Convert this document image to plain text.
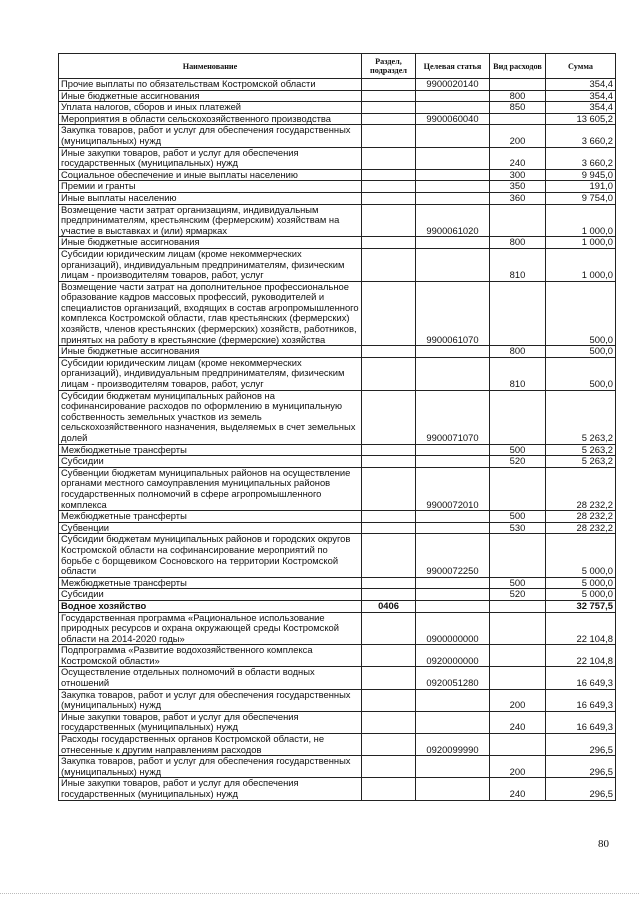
Наименование	Раздел, подраздел	Целевая статья	Вид расходов	Сумма
Прочие выплаты по обязательствам Костромской области		9900020140		354,4
Иные бюджетные ассигнования			800	354,4
Уплата налогов, сборов и иных платежей			850	354,4
Мероприятия в области сельскохозяйственного производства		9900060040		13 605,2
Закупка товаров, работ и услуг для обеспечения государственных (муниципальных) нужд			200	3 660,2
Иные закупки товаров, работ и услуг для обеспечения государственных (муниципальных) нужд			240	3 660,2
Социальное обеспечение и иные выплаты населению			300	9 945,0
Премии и гранты			350	191,0
Иные выплаты населению			360	9 754,0
Возмещение части затрат организациям, индивидуальным предпринимателям, крестьянским (фермерским) хозяйствам на участие в выставках и (или) ярмарках		9900061020		1 000,0
Иные бюджетные ассигнования			800	1 000,0
Субсидии юридическим лицам (кроме некоммерческих организаций), индивидуальным предпринимателям, физическим лицам - производителям товаров, работ, услуг			810	1 000,0
Возмещение части затрат на дополнительное профессиональное образование кадров массовых профессий, руководителей и специалистов организаций, входящих в состав агропромышленного комплекса Костромской области, глав крестьянских (фермерских) хозяйств, членов крестьянских (фермерских) хозяйств, работников, принятых на работу в крестьянские (фермерские) хозяйства		9900061070		500,0
Иные бюджетные ассигнования			800	500,0
Субсидии юридическим лицам (кроме некоммерческих организаций), индивидуальным предпринимателям, физическим лицам - производителям товаров, работ, услуг			810	500,0
Субсидии бюджетам муниципальных районов на софинансирование расходов по оформлению в муниципальную собственность земельных участков из земель сельскохозяйственного назначения, выделяемых в счет земельных долей		9900071070		5 263,2
Межбюджетные трансферты			500	5 263,2
Субсидии			520	5 263,2
Субвенции бюджетам муниципальных районов на осуществление органами местного самоуправления муниципальных районов государственных полномочий в сфере агропромышленного комплекса		9900072010		28 232,2
Межбюджетные трансферты			500	28 232,2
Субвенции			530	28 232,2
Субсидии бюджетам муниципальных районов и городских округов Костромской области на софинансирование мероприятий по борьбе с борщевиком Сосновского на территории Костромской области		9900072250		5 000,0
Межбюджетные трансферты			500	5 000,0
Субсидии			520	5 000,0
Водное хозяйство	0406			32 757,5
Государственная программа «Рациональное использование природных ресурсов и охрана окружающей среды Костромской области на 2014-2020 годы»		0900000000		22 104,8
Подпрограмма «Развитие водохозяйственного комплекса Костромской области»		0920000000		22 104,8
Осуществление отдельных полномочий в области водных отношений		0920051280		16 649,3
Закупка товаров, работ и услуг для обеспечения государственных (муниципальных) нужд			200	16 649,3
Иные закупки товаров, работ и услуг для обеспечения государственных (муниципальных) нужд			240	16 649,3
Расходы государственных органов Костромской области, не отнесенные к другим направлениям расходов		0920099990		296,5
Закупка товаров, работ и услуг для обеспечения государственных (муниципальных) нужд			200	296,5
Иные закупки товаров, работ и услуг для обеспечения государственных (муниципальных) нужд			240	296,5
80
